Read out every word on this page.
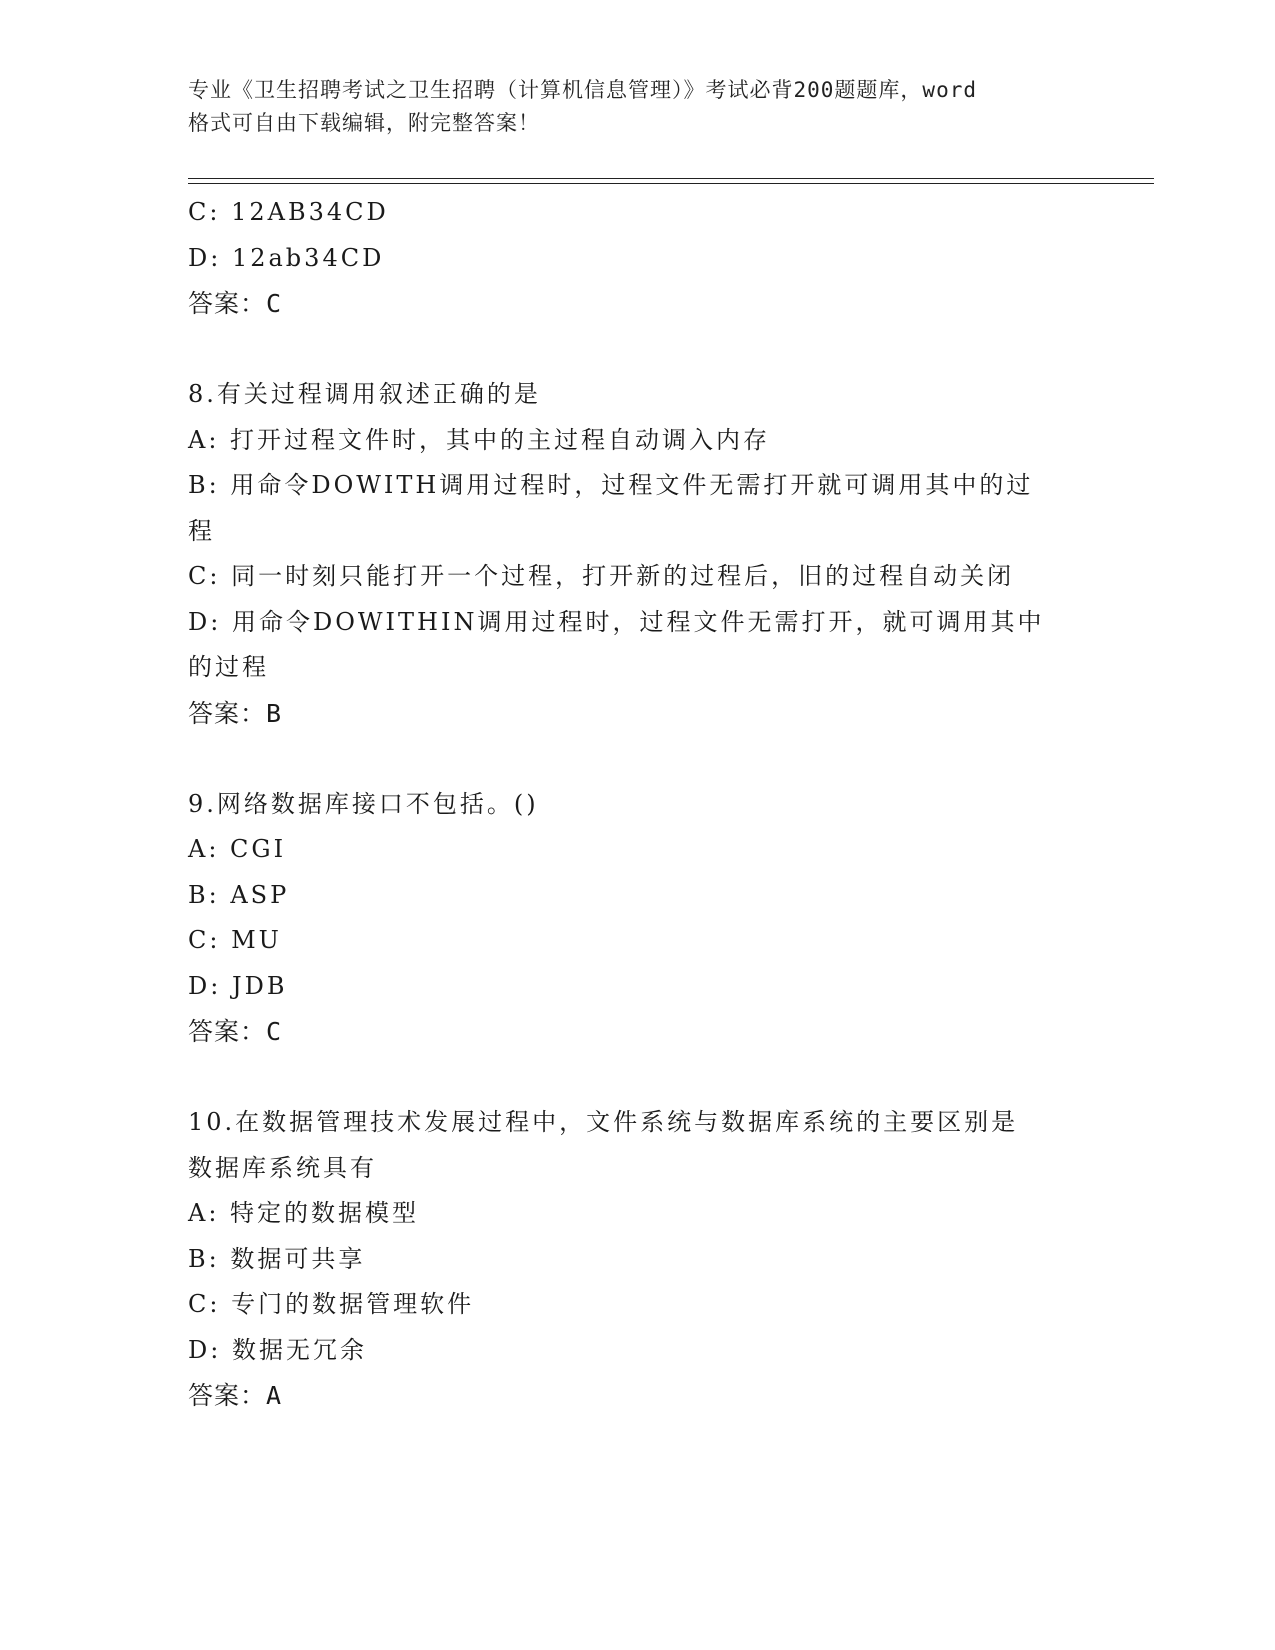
专业《卫生招聘考试之卫生招聘（计算机信息管理）》考试必背200题题库，word
格式可自由下载编辑，附完整答案！
C: 12AB34CD
D: 12ab34CD
答案：C
8.有关过程调用叙述正确的是
A: 打开过程文件时，其中的主过程自动调入内存
B: 用命令DOWITH调用过程时，过程文件无需打开就可调用其中的过
程
C: 同一时刻只能打开一个过程，打开新的过程后，旧的过程自动关闭
D: 用命令DOWITHIN调用过程时，过程文件无需打开，就可调用其中
的过程
答案：B
9.网络数据库接口不包括。()
A: CGI
B: ASP
C: MU
D: JDB
答案：C
10.在数据管理技术发展过程中，文件系统与数据库系统的主要区别是
数据库系统具有
A: 特定的数据模型
B: 数据可共享
C: 专门的数据管理软件
D: 数据无冗余
答案：A
